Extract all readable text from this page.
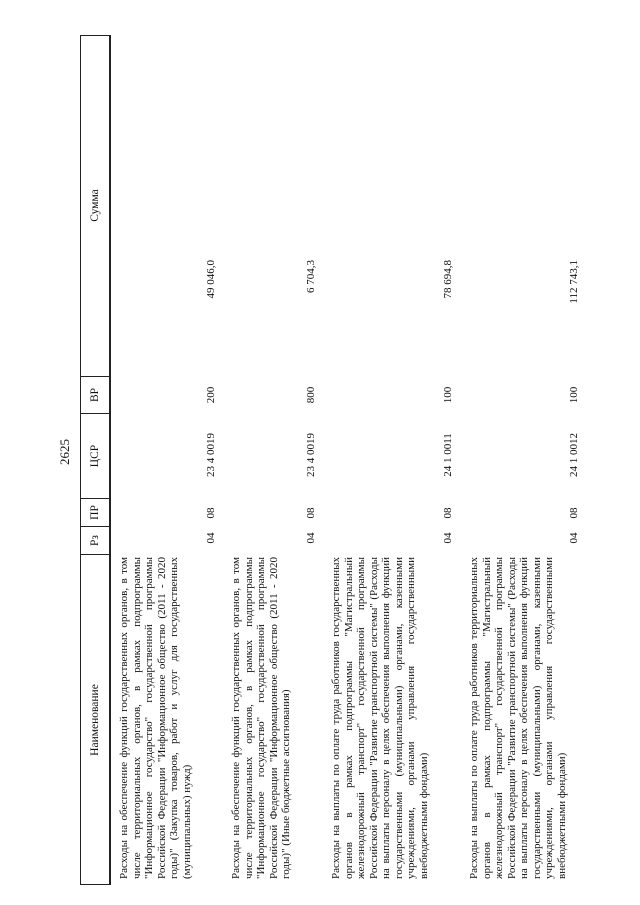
2625
Наименование
Рз
ПР
ЦСР
ВР
Сумма
Расходы на обеспечение функций государственных органов, в том числе территориальных органов, в рамках подпрограммы "Информационное государство" государственной программы Российской Федерации "Информационное общество (2011 - 2020 годы)" (Закупка товаров, работ и услуг для государственных (муниципальных) нужд)
04
08
23 4 0019
200
49 046,0
Расходы на обеспечение функций государственных органов, в том числе территориальных органов, в рамках подпрограммы "Информационное государство" государственной программы Российской Федерации "Информационное общество (2011 - 2020 годы)" (Иные бюджетные ассигнования)
04
08
23 4 0019
800
6 704,3
Расходы на выплаты по оплате труда работников государственных органов в рамках подпрограммы "Магистральный железнодорожный транспорт" государственной программы Российской Федерации "Развитие транспортной системы" (Расходы на выплаты персоналу в целях обеспечения выполнения функций государственными (муниципальными) органами, казенными учреждениями, органами управления государственными внебюджетными фондами)
04
08
24 1 0011
100
78 694,8
Расходы на выплаты по оплате труда работников территориальных органов в рамках подпрограммы "Магистральный железнодорожный транспорт" государственной программы Российской Федерации "Развитие транспортной системы" (Расходы на выплаты персоналу в целях обеспечения выполнения функций государственными (муниципальными) органами, казенными учреждениями, органами управления государственными внебюджетными фондами)
04
08
24 1 0012
100
112 743,1
